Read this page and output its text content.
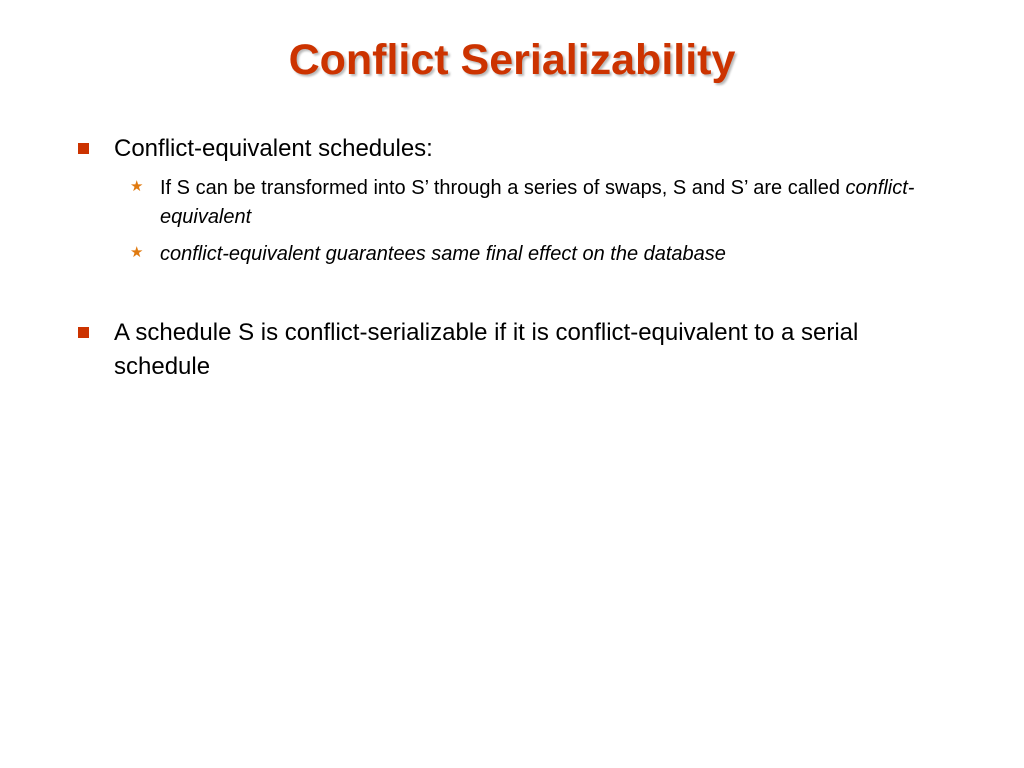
Conflict Serializability
Conflict-equivalent schedules:
★ If S can be transformed into S’ through a series of swaps, S and S’ are called conflict-equivalent
★ conflict-equivalent guarantees same final effect on the database
A schedule S is conflict-serializable if it is conflict-equivalent to a serial schedule
